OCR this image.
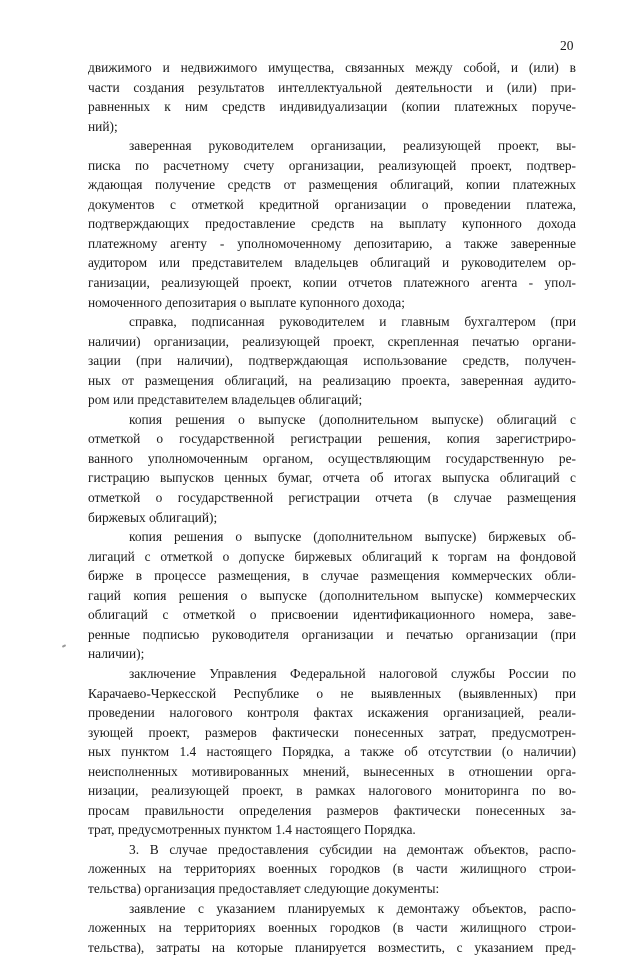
20
движимого и недвижимого имущества, связанных между собой, и (или) в
части создания результатов интеллектуальной деятельности и (или) при-
равненных к ним средств индивидуализации (копии платежных поруче-
ний);
заверенная руководителем организации, реализующей проект, вы-
писка по расчетному счету организации, реализующей проект, подтвер-
ждающая получение средств от размещения облигаций, копии платежных
документов с отметкой кредитной организации о проведении платежа,
подтверждающих предоставление средств на выплату купонного дохода
платежному агенту - уполномоченному депозитарию, а также заверенные
аудитором или представителем владельцев облигаций и руководителем ор-
ганизации, реализующей проект, копии отчетов платежного агента - упол-
номоченного депозитария о выплате купонного дохода;
справка, подписанная руководителем и главным бухгалтером (при
наличии) организации, реализующей проект, скрепленная печатью органи-
зации (при наличии), подтверждающая использование средств, получен-
ных от размещения облигаций, на реализацию проекта, заверенная аудито-
ром или представителем владельцев облигаций;
копия решения о выпуске (дополнительном выпуске) облигаций с
отметкой о государственной регистрации решения, копия зарегистриро-
ванного уполномоченным органом, осуществляющим государственную ре-
гистрацию выпусков ценных бумаг, отчета об итогах выпуска облигаций с
отметкой о государственной регистрации отчета (в случае размещения
биржевых облигаций);
копия решения о выпуске (дополнительном выпуске) биржевых об-
лигаций с отметкой о допуске биржевых облигаций к торгам на фондовой
бирже в процессе размещения, в случае размещения коммерческих обли-
гаций копия решения о выпуске (дополнительном выпуске) коммерческих
облигаций с отметкой о присвоении идентификационного номера, заве-
ренные подписью руководителя организации и печатью организации (при
наличии);
заключение Управления Федеральной налоговой службы России по
Карачаево-Черкесской Республике о не выявленных (выявленных) при
проведении налогового контроля фактах искажения организацией, реали-
зующей проект, размеров фактически понесенных затрат, предусмотрен-
ных пунктом 1.4 настоящего Порядка, а также об отсутствии (о наличии)
неисполненных мотивированных мнений, вынесенных в отношении орга-
низации, реализующей проект, в рамках налогового мониторинга по во-
просам правильности определения размеров фактически понесенных за-
трат, предусмотренных пунктом 1.4 настоящего Порядка.
3. В случае предоставления субсидии на демонтаж объектов, распо-
ложенных на территориях военных городков (в части жилищного строи-
тельства) организация предоставляет следующие документы:
заявление с указанием планируемых к демонтажу объектов, распо-
ложенных на территориях военных городков (в части жилищного строи-
тельства), затраты на которые планируется возместить, с указанием пред-
